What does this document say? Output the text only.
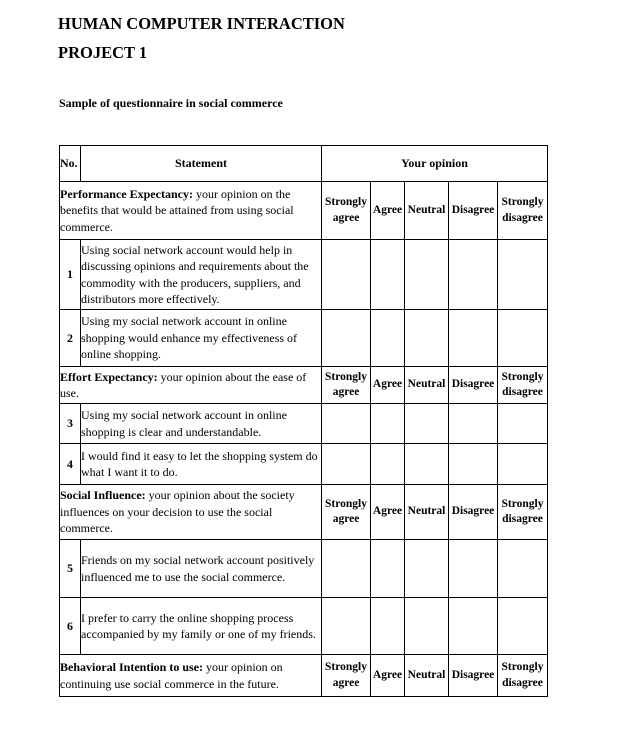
HUMAN COMPUTER INTERACTION
PROJECT 1
Sample of questionnaire in social commerce
No.	Statement	Your opinion				
Performance Expectancy: your opinion on the benefits that would be attained from using social commerce.		Strongly agree	Agree	Neutral	Disagree	Strongly disagree
1	Using social network account would help in discussing opinions and requirements about the commodity with the producers, suppliers, and distributors more effectively.					
2	Using my social network account in online shopping would enhance my effectiveness of online shopping.					
Effort Expectancy: your opinion about the ease of use.		Strongly agree	Agree	Neutral	Disagree	Strongly disagree
3	Using my social network account in online shopping is clear and understandable.					
4	I would find it easy to let the shopping system do what I want it to do.					
Social Influence: your opinion about the society influences on your decision to use the social commerce.		Strongly agree	Agree	Neutral	Disagree	Strongly disagree
5	Friends on my social network account positively influenced me to use the social commerce.					
6	I prefer to carry the online shopping process accompanied by my family or one of my friends.					
Behavioral Intention to use: your opinion on continuing use social commerce in the future.		Strongly agree	Agree	Neutral	Disagree	Strongly disagree
